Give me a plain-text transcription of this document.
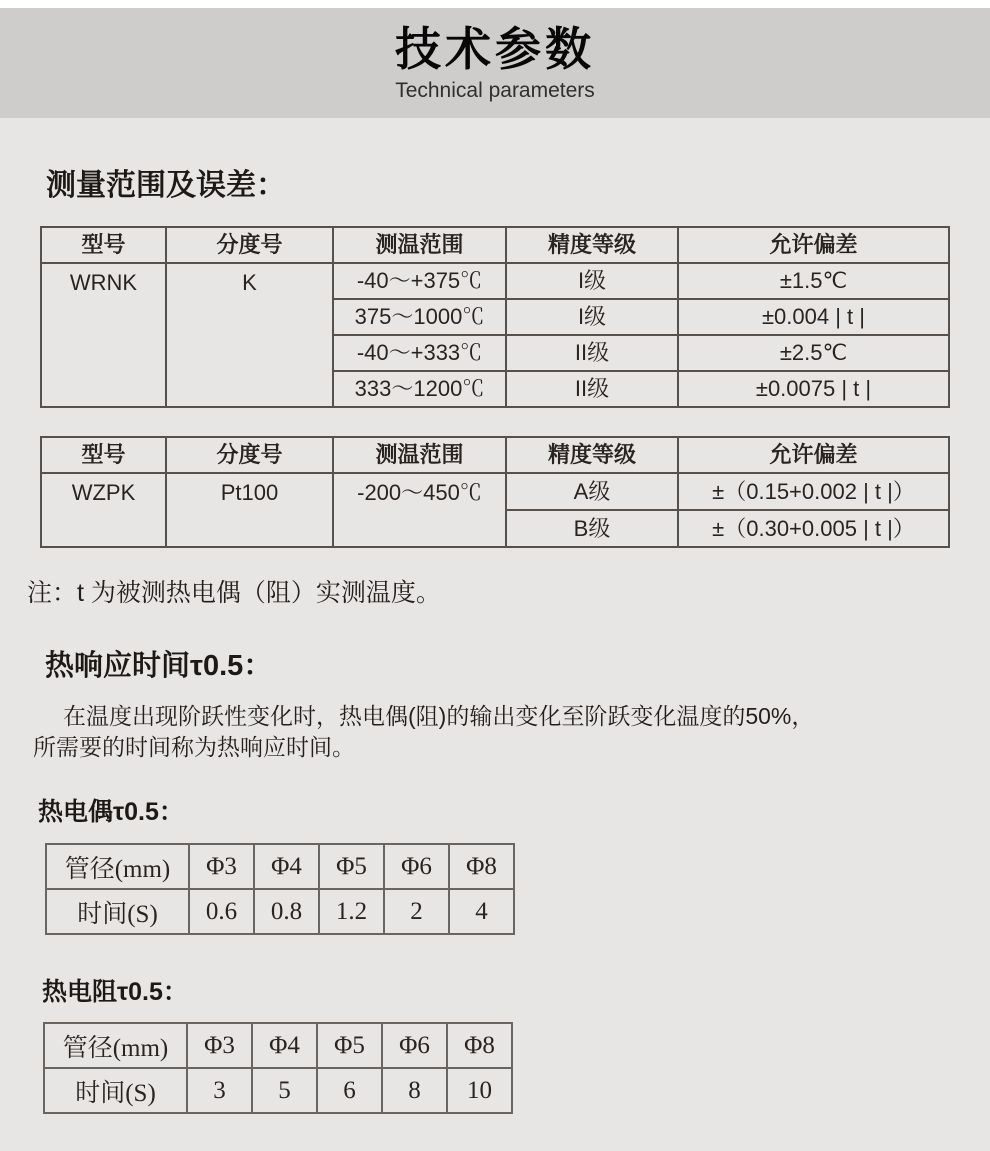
技术参数
Technical parameters
测量范围及误差：
型号	分度号	测温范围	精度等级	允许偏差
WRNK	K	-40～+375℃	I级	±1.5℃
		375～1000℃	I级	±0.004 | t |
		-40～+333℃	II级	±2.5℃
		333～1200℃	II级	±0.0075 | t |
型号	分度号	测温范围	精度等级	允许偏差
WZPK	Pt100	-200～450℃	A级	±（0.15+0.002 | t |）
			B级	±（0.30+0.005 | t |）
注：t 为被测热电偶（阻）实测温度。
热响应时间τ0.5：
在温度出现阶跃性变化时，热电偶(阻)的输出变化至阶跃变化温度的50%，
所需要的时间称为热响应时间。
热电偶τ0.5：
管径(mm)	Φ3	Φ4	Φ5	Φ6	Φ8
时间(S)	0.6	0.8	1.2	2	4
热电阻τ0.5：
管径(mm)	Φ3	Φ4	Φ5	Φ6	Φ8
时间(S)	3	5	6	8	10
